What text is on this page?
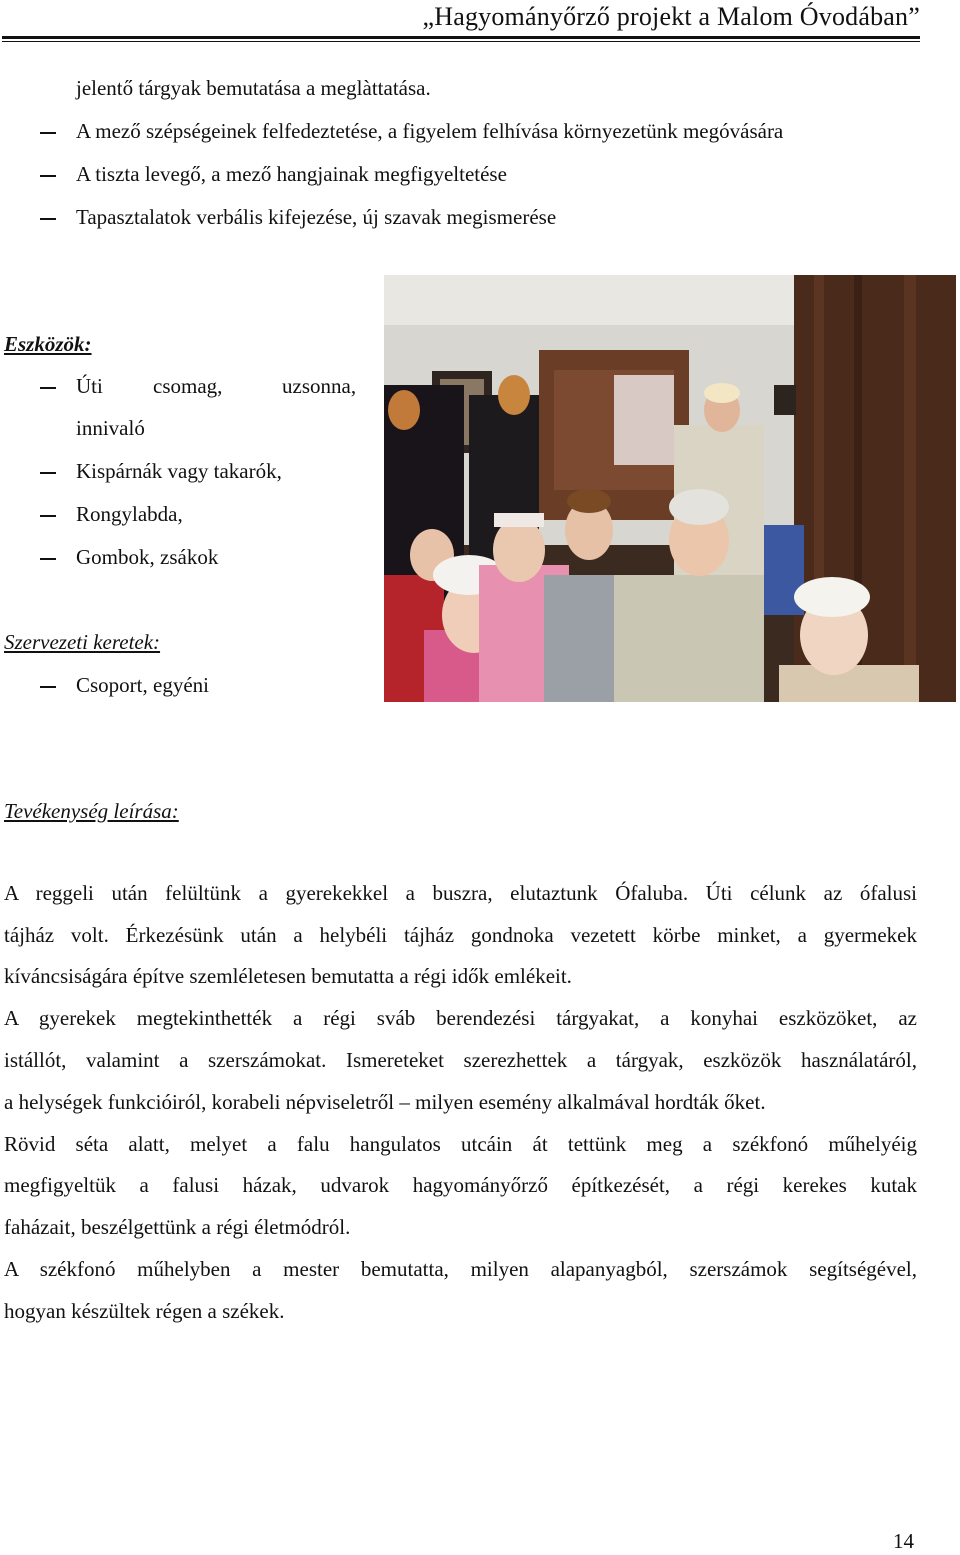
„Hagyományőrző projekt a Malom Óvodában”
jelentő tárgyak bemutatása a meglàttatása.
A mező szépségeinek felfedeztetése, a figyelem felhívása környezetünk megóvására
A tiszta levegő, a mező hangjainak megfigyeltetése
Tapasztalatok verbális kifejezése, új szavak megismerése
Eszközök:
Úti csomag,	uzsonna,
innivaló
Kispárnák vagy takarók,
Rongylabda,
Gombok, zsákok
Szervezeti keretek:
Csoport, egyéni
Tevékenység leírása:
A reggeli után felültünk a gyerekekkel a buszra, elutaztunk Ófaluba. Úti célunk az ófalusi
tájház volt. Érkezésünk után a helybéli tájház gondnoka vezetett körbe minket, a gyermekek
kíváncsiságára építve szemléletesen bemutatta a régi idők emlékeit.
A gyerekek megtekinthették a régi sváb berendezési tárgyakat, a konyhai eszközöket, az
istállót, valamint a szerszámokat. Ismereteket szerezhettek a tárgyak, eszközök használatáról,
a helységek funkcióiról, korabeli népviseletről – milyen esemény alkalmával hordták őket.
Rövid séta alatt, melyet a falu hangulatos utcáin át tettünk meg a székfonó műhelyéig
megfigyeltük a falusi házak, udvarok hagyományőrző építkezését, a régi kerekes kutak
faházait, beszélgettünk a régi életmódról.
A székfonó műhelyben a mester bemutatta, milyen alapanyagból, szerszámok segítségével,
hogyan készültek régen a székek.
14
